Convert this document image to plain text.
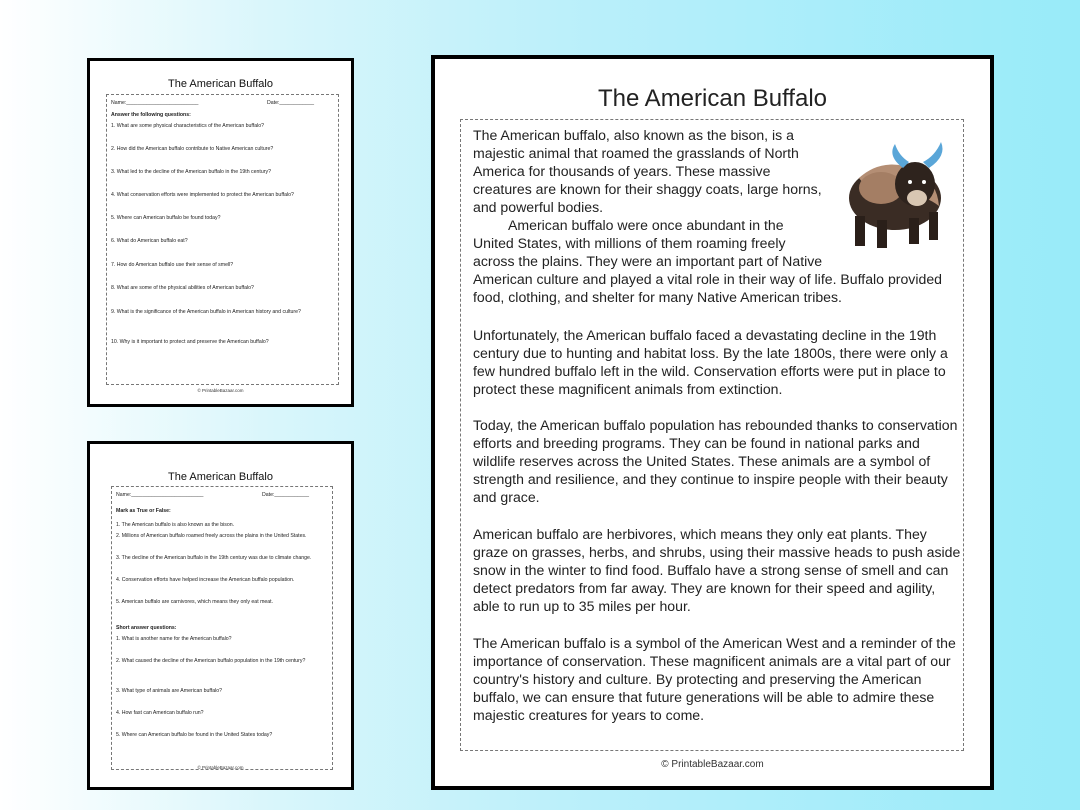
The American Buffalo
Name:_________________________	Date:____________
Answer the following questions:
1. What are some physical characteristics of the American buffalo?
2. How did the American buffalo contribute to Native American culture?
3. What led to the decline of the American buffalo in the 19th century?
4. What conservation efforts were implemented to protect the American buffalo?
5. Where can American buffalo be found today?
6. What do American buffalo eat?
7. How do American buffalo use their sense of smell?
8. What are some of the physical abilities of American buffalo?
9. What is the significance of the American buffalo in American history and culture?
10. Why is it important to protect and preserve the American buffalo?
© PrintableBazaar.com
The American Buffalo
Name:_________________________	Date:____________
Mark as True or False:
1. The American buffalo is also known as the bison.
2. Millions of American buffalo roamed freely across the plains in the United States.
3. The decline of the American buffalo in the 19th century was due to climate change.
4. Conservation efforts have helped increase the American buffalo population.
5. American buffalo are carnivores, which means they only eat meat.
Short answer questions:
1. What is another name for the American buffalo?
2. What caused the decline of the American buffalo population in the 19th century?
3. What type of animals are American buffalo?
4. How fast can American buffalo run?
5. Where can American buffalo be found in the United States today?
© PrintableBazaar.com
The American Buffalo
The American buffalo, also known as the bison, is a majestic animal that roamed the grasslands of North America for thousands of years. These massive creatures are known for their shaggy coats, large horns, and powerful bodies.
American buffalo were once abundant in the United States, with millions of them roaming freely across the plains. They were an important part of Native American culture and played a vital role in their way of life. Buffalo provided food, clothing, and shelter for many Native American tribes.
Unfortunately, the American buffalo faced a devastating decline in the 19th century due to hunting and habitat loss. By the late 1800s, there were only a few hundred buffalo left in the wild. Conservation efforts were put in place to protect these magnificent animals from extinction.
Today, the American buffalo population has rebounded thanks to conservation efforts and breeding programs. They can be found in national parks and wildlife reserves across the United States. These animals are a symbol of strength and resilience, and they continue to inspire people with their beauty and grace.
American buffalo are herbivores, which means they only eat plants. They graze on grasses, herbs, and shrubs, using their massive heads to push aside snow in the winter to find food. Buffalo have a strong sense of smell and can detect predators from far away. They are known for their speed and agility, able to run up to 35 miles per hour.
The American buffalo is a symbol of the American West and a reminder of the importance of conservation. These magnificent animals are a vital part of our country's history and culture. By protecting and preserving the American buffalo, we can ensure that future generations will be able to admire these majestic creatures for years to come.
© PrintableBazaar.com
